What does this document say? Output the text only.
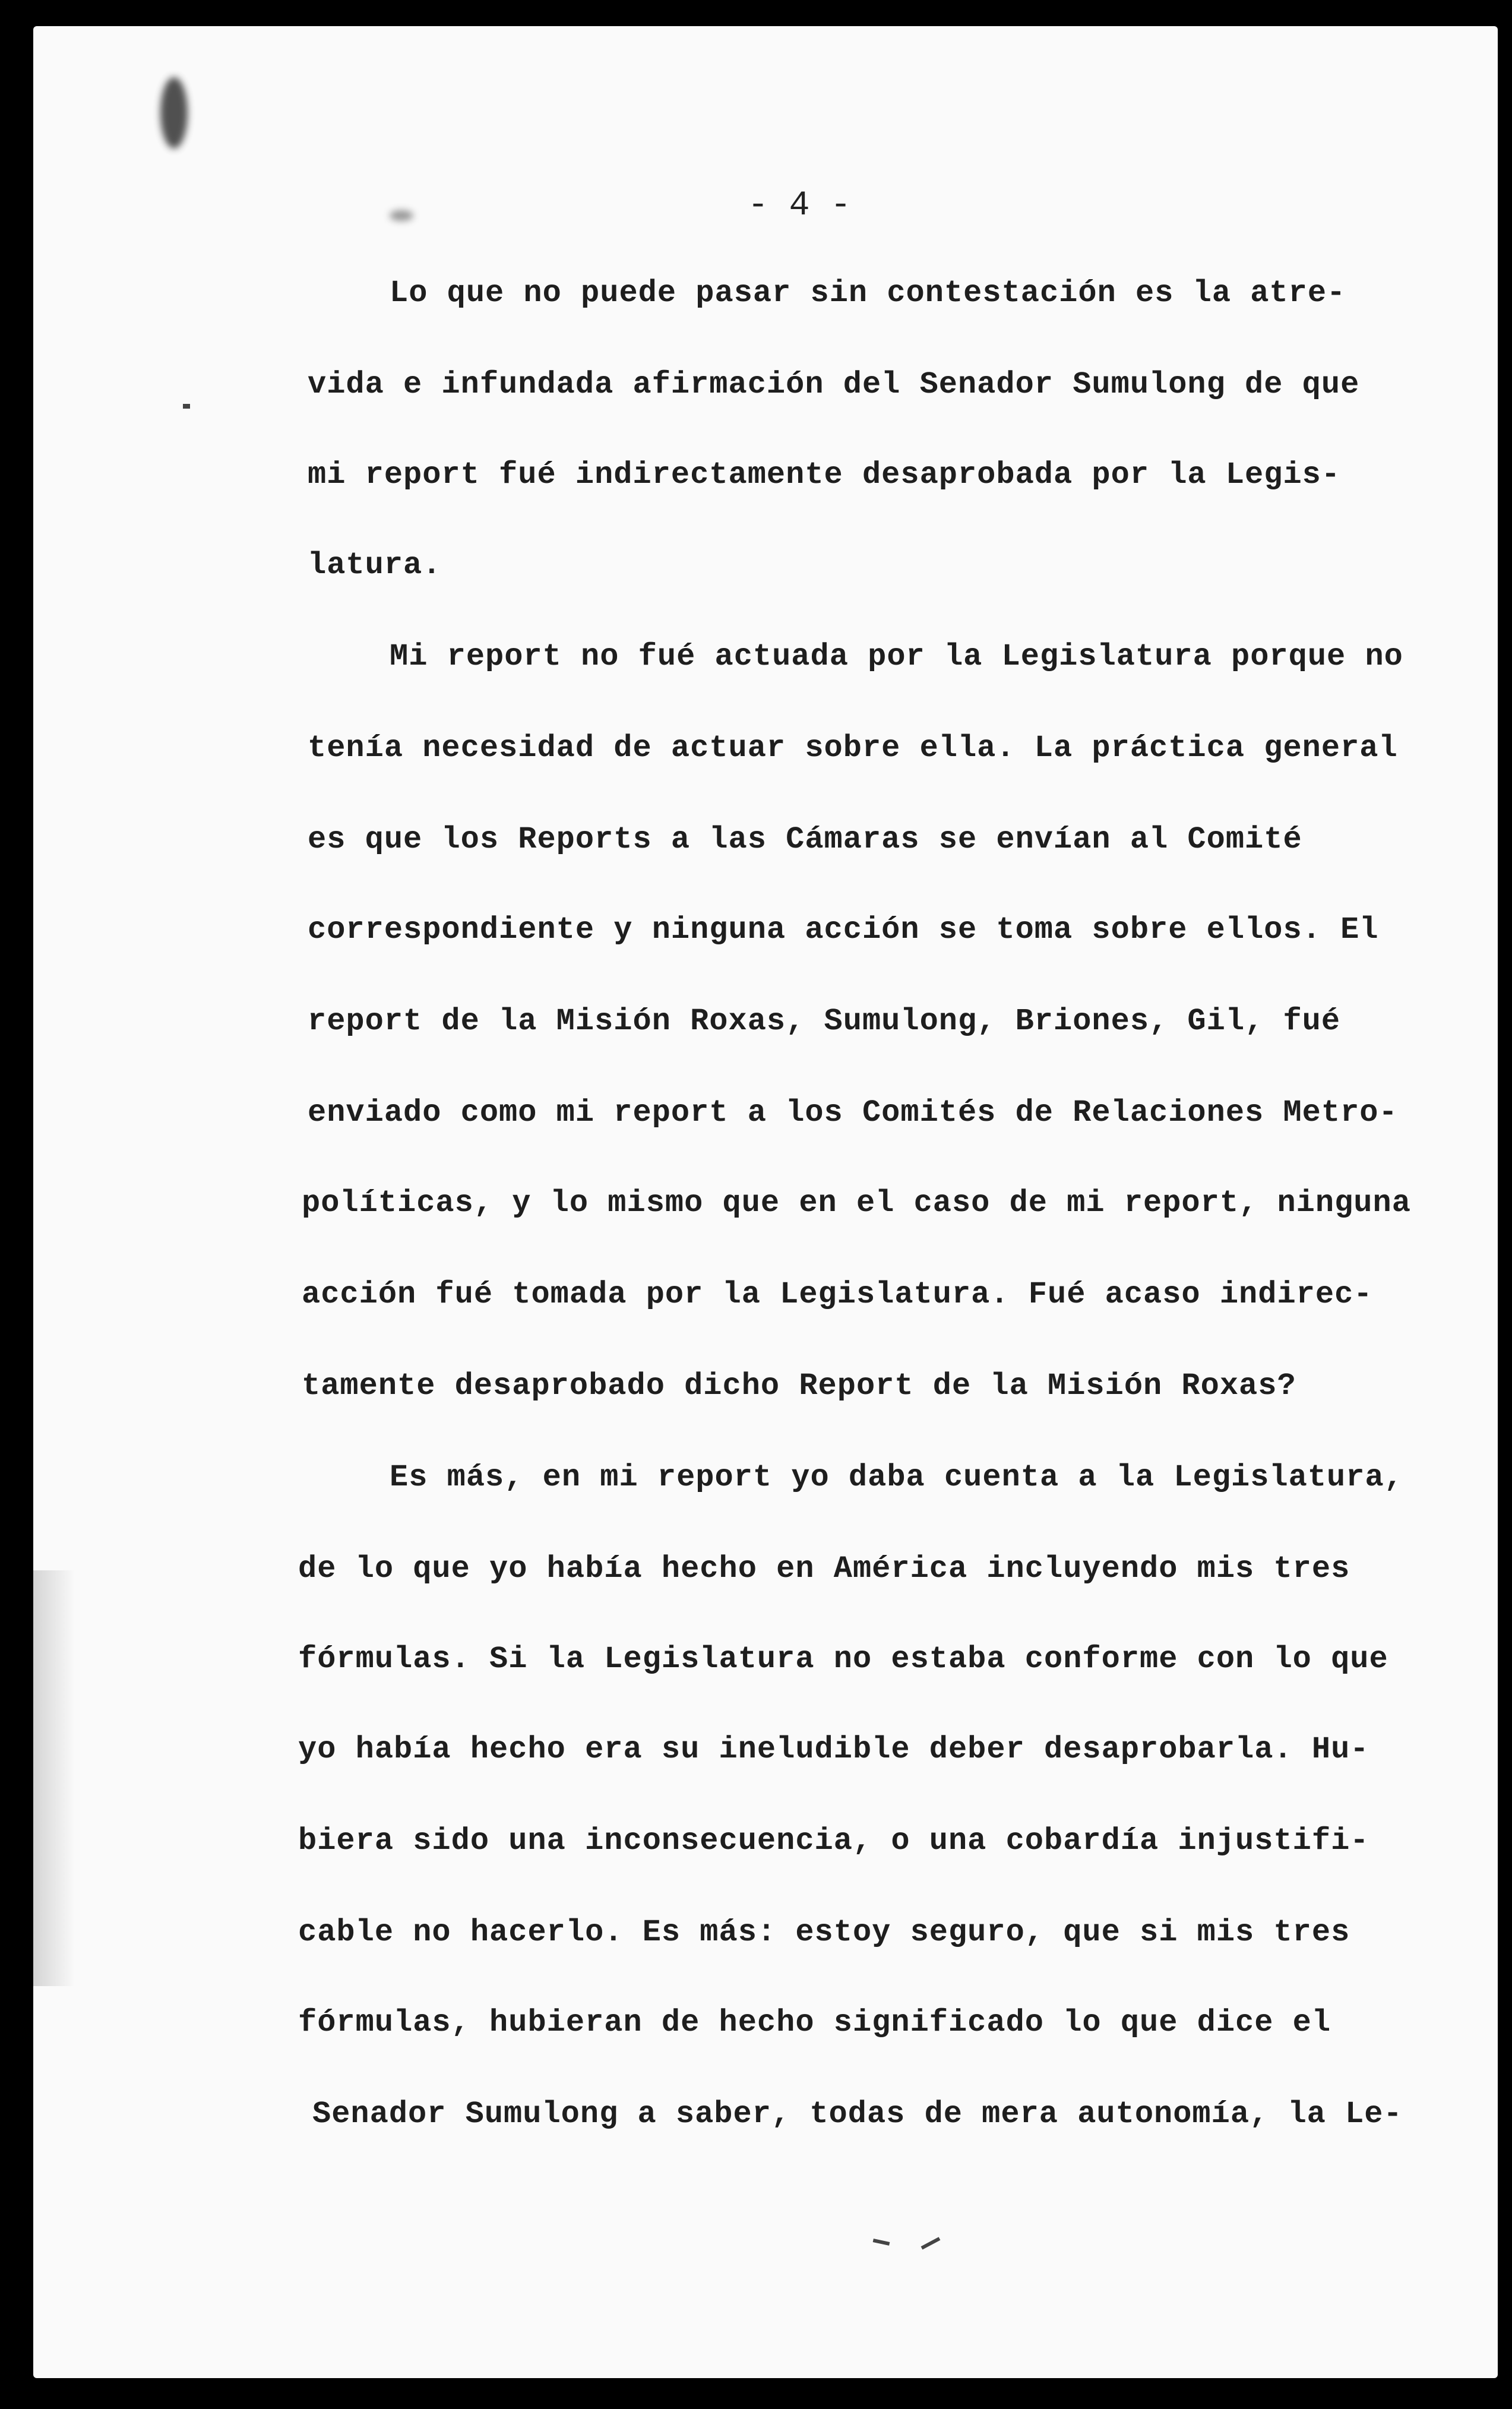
- 4 -
Lo que no puede pasar sin contestación es la atre-
vida e infundada afirmación del Senador Sumulong de que
mi report fué indirectamente desaprobada por la Legis-
latura.
Mi report no fué actuada por la Legislatura porque no
tenía necesidad de actuar sobre ella. La práctica general
es que los Reports a las Cámaras se envían al Comité
correspondiente y ninguna acción se toma sobre ellos. El
report de la Misión Roxas, Sumulong, Briones, Gil, fué
enviado como mi report a los Comités de Relaciones Metro-
políticas, y lo mismo que en el caso de mi report, ninguna
acción fué tomada por la Legislatura. Fué acaso indirec-
tamente desaprobado dicho Report de la Misión Roxas?
Es más, en mi report yo daba cuenta a la Legislatura,
de lo que yo había hecho en América incluyendo mis tres
fórmulas. Si la Legislatura no estaba conforme con lo que
yo había hecho era su ineludible deber desaprobarla. Hu-
biera sido una inconsecuencia, o una cobardía injustifi-
cable no hacerlo. Es más: estoy seguro, que si mis tres
fórmulas, hubieran de hecho significado lo que dice el
Senador Sumulong a saber, todas de mera autonomía, la Le-
